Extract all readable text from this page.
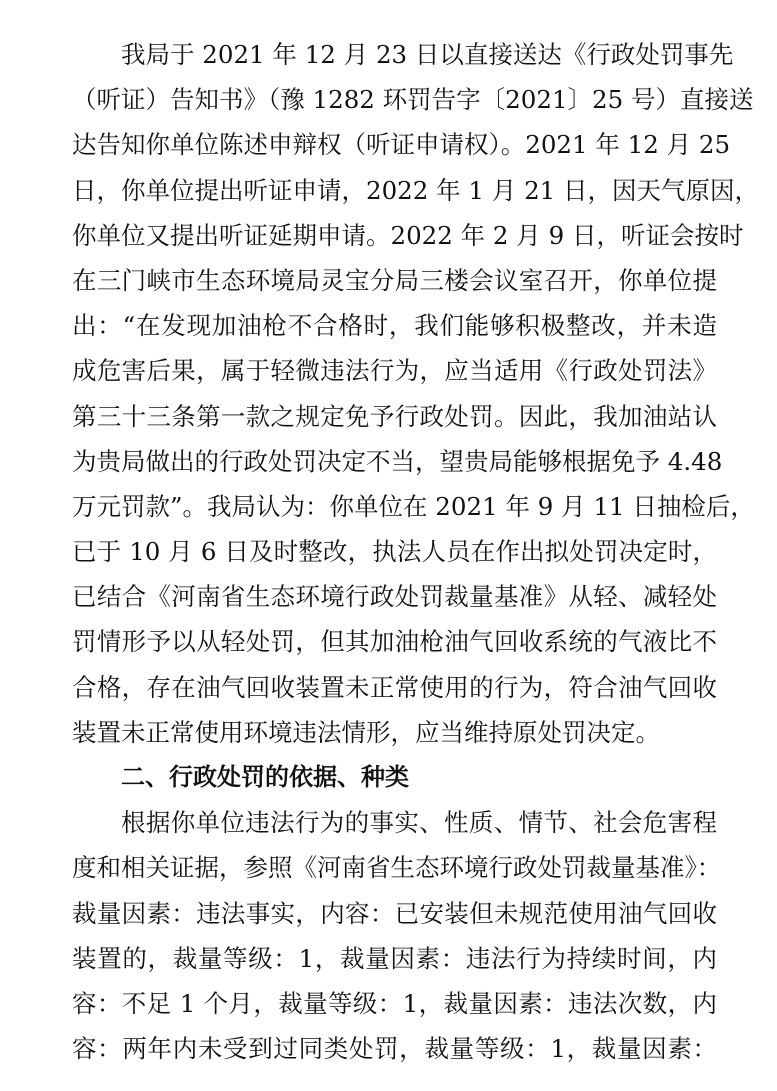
我局于 2021 年 12 月 23 日以直接送达《行政处罚事先
（听证）告知书》（豫 1282 环罚告字〔2021〕25 号）直接送
达告知你单位陈述申辩权（听证申请权）。2021 年 12 月 25
日，你单位提出听证申请，2022 年 1 月 21 日，因天气原因，
你单位又提出听证延期申请。2022 年 2 月 9 日，听证会按时
在三门峡市生态环境局灵宝分局三楼会议室召开，你单位提
出：“在发现加油枪不合格时，我们能够积极整改，并未造
成危害后果，属于轻微违法行为，应当适用《行政处罚法》
第三十三条第一款之规定免予行政处罚。因此，我加油站认
为贵局做出的行政处罚决定不当，望贵局能够根据免予 4.48
万元罚款”。我局认为：你单位在 2021 年 9 月 11 日抽检后，
已于 10 月 6 日及时整改，执法人员在作出拟处罚决定时，
已结合《河南省生态环境行政处罚裁量基准》从轻、减轻处
罚情形予以从轻处罚，但其加油枪油气回收系统的气液比不
合格，存在油气回收装置未正常使用的行为，符合油气回收
装置未正常使用环境违法情形，应当维持原处罚决定。
二、行政处罚的依据、种类
根据你单位违法行为的事实、性质、情节、社会危害程
度和相关证据，参照《河南省生态环境行政处罚裁量基准》：
裁量因素：违法事实，内容：已安装但未规范使用油气回收
装置的，裁量等级：1，裁量因素：违法行为持续时间，内
容：不足 1 个月，裁量等级：1，裁量因素：违法次数，内
容：两年内未受到过同类处罚，裁量等级：1，裁量因素：
